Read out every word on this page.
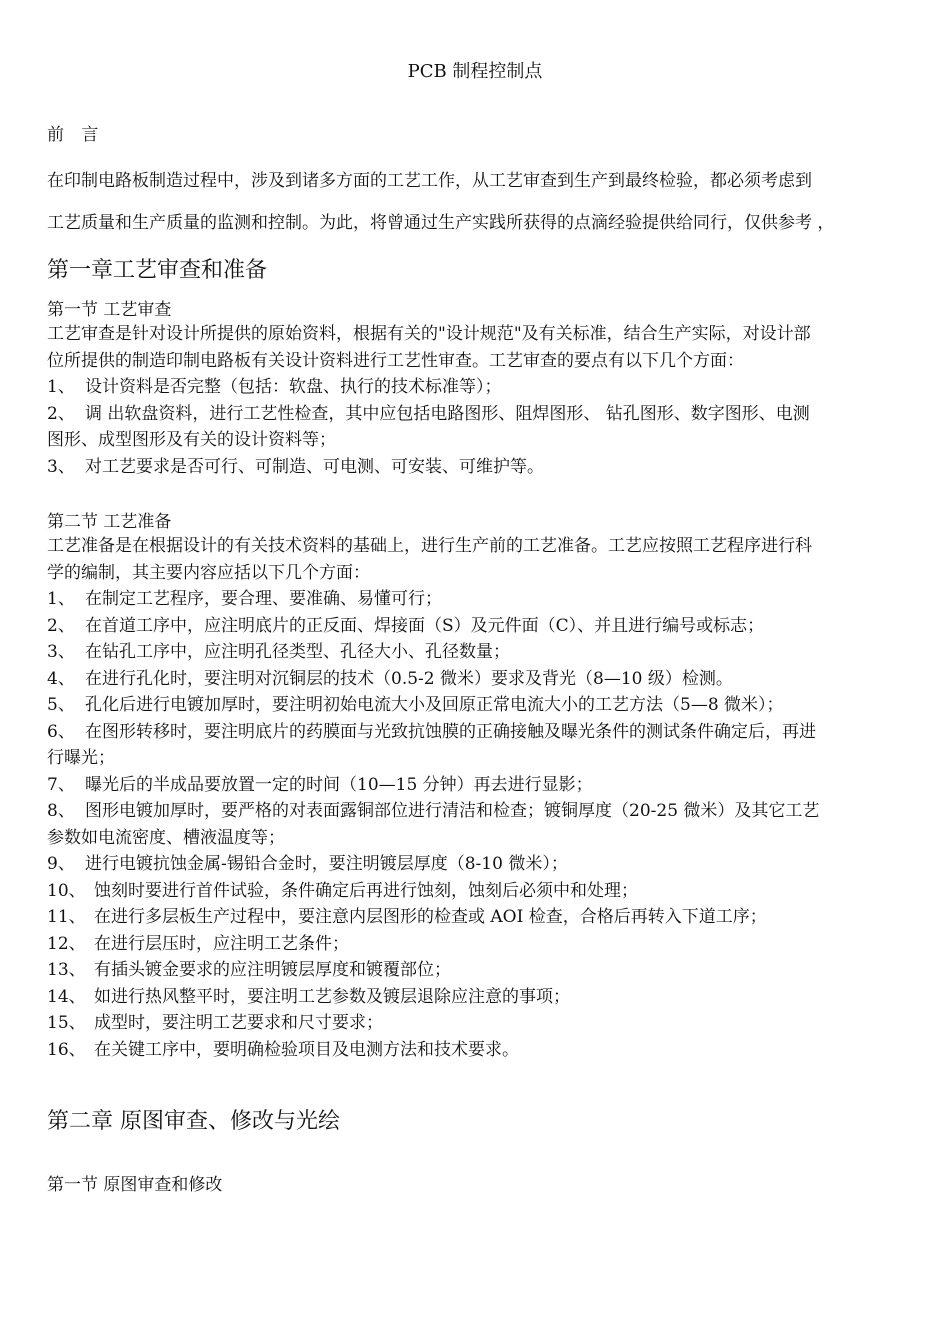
PCB 制程控制点
前 言
在印制电路板制造过程中，涉及到诸多方面的工艺工作，从工艺审查到生产到最终检验，都必须考虑到
工艺质量和生产质量的监测和控制。为此，将曾通过生产实践所获得的点滴经验提供给同行，仅供参考 ，
第一章工艺审查和准备
第一节 工艺审查
工艺审查是针对设计所提供的原始资料，根据有关的"设计规范"及有关标准，结合生产实际，对设计部
位所提供的制造印制电路板有关设计资料进行工艺性审查。工艺审查的要点有以下几个方面：
1、 设计资料是否完整（包括：软盘、执行的技术标准等）；
2、 调 出软盘资料，进行工艺性检查，其中应包括电路图形、阻焊图形、 钻孔图形、数字图形、电测
图形、成型图形及有关的设计资料等；
3、 对工艺要求是否可行、可制造、可电测、可安装、可维护等。
第二节 工艺准备
工艺准备是在根据设计的有关技术资料的基础上，进行生产前的工艺准备。工艺应按照工艺程序进行科
学的编制，其主要内容应括以下几个方面：
1、 在制定工艺程序，要合理、要准确、易懂可行；
2、 在首道工序中，应注明底片的正反面、焊接面（S）及元件面（C）、并且进行编号或标志；
3、 在钻孔工序中，应注明孔径类型、孔径大小、孔径数量；
4、 在进行孔化时，要注明对沉铜层的技术（0.5-2 微米）要求及背光（8—10 级）检测。
5、 孔化后进行电镀加厚时，要注明初始电流大小及回原正常电流大小的工艺方法（5—8 微米）；
6、 在图形转移时，要注明底片的药膜面与光致抗蚀膜的正确接触及曝光条件的测试条件确定后，再进
行曝光；
7、 曝光后的半成品要放置一定的时间（10—15 分钟）再去进行显影；
8、 图形电镀加厚时，要严格的对表面露铜部位进行清洁和检查；镀铜厚度（20-25 微米）及其它工艺
参数如电流密度、槽液温度等；
9、 进行电镀抗蚀金属-锡铅合金时，要注明镀层厚度（8-10 微米）；
10、 蚀刻时要进行首件试验，条件确定后再进行蚀刻，蚀刻后必须中和处理；
11、 在进行多层板生产过程中，要注意内层图形的检查或 AOI 检查，合格后再转入下道工序；
12、 在进行层压时，应注明工艺条件；
13、 有插头镀金要求的应注明镀层厚度和镀覆部位；
14、 如进行热风整平时，要注明工艺参数及镀层退除应注意的事项；
15、 成型时，要注明工艺要求和尺寸要求；
16、 在关键工序中，要明确检验项目及电测方法和技术要求。
第二章 原图审查、修改与光绘
第一节 原图审查和修改
